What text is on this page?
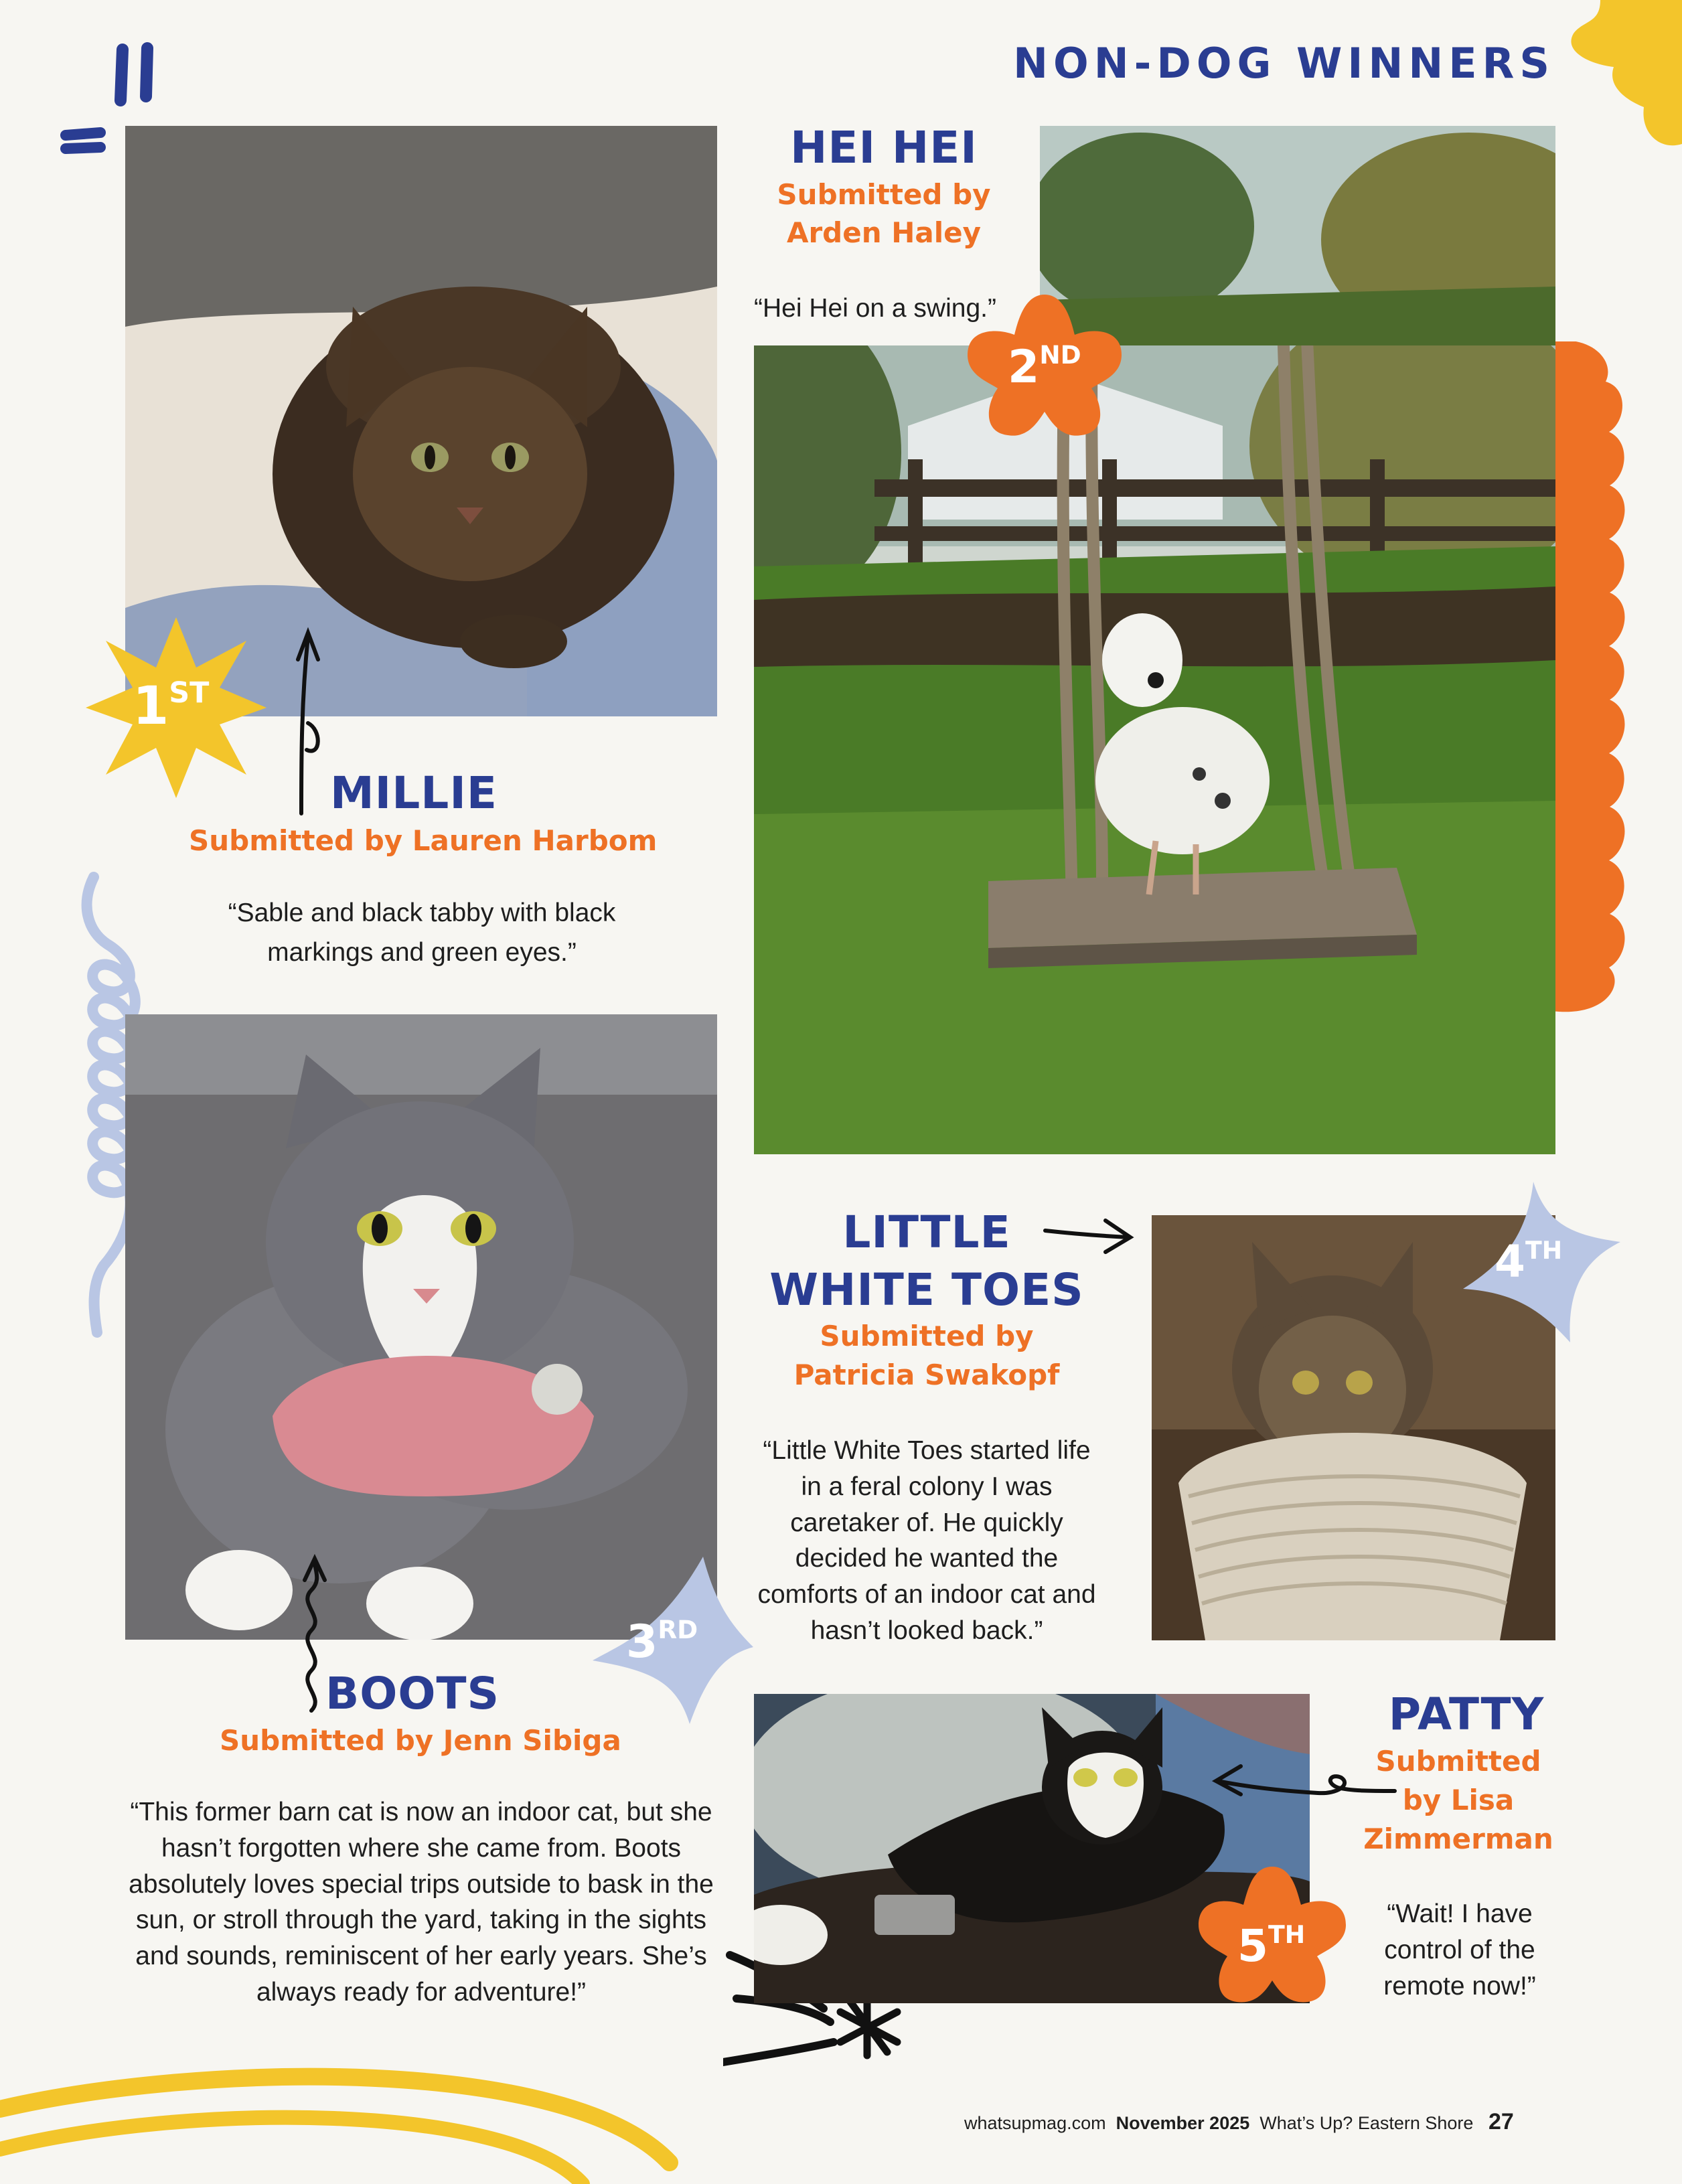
NON-DOG WINNERS
1ST
MILLIE
Submitted by Lauren Harbom
“Sable and black tabby with black markings and green eyes.”
HEI HEI
Submitted by
Arden Haley
“Hei Hei on a swing.”
2ND
3RD
BOOTS
Submitted by Jenn Sibiga
“This former barn cat is now an indoor cat, but she hasn’t forgotten where she came from. Boots absolutely loves special trips outside to bask in the sun, or stroll through the yard, taking in the sights and sounds, reminiscent of her early years. She’s always ready for adventure!”
LITTLE
WHITE TOES
Submitted by
Patricia Swakopf
“Little White Toes started life in a feral colony I was caretaker of. He quickly decided he wanted the comforts of an indoor cat and hasn’t looked back.”
4TH
PATTY
Submitted
by Lisa
Zimmerman
“Wait! I have control of the remote now!”
5TH
whatsupmag.com November 2025 What’s Up? Eastern Shore 27
